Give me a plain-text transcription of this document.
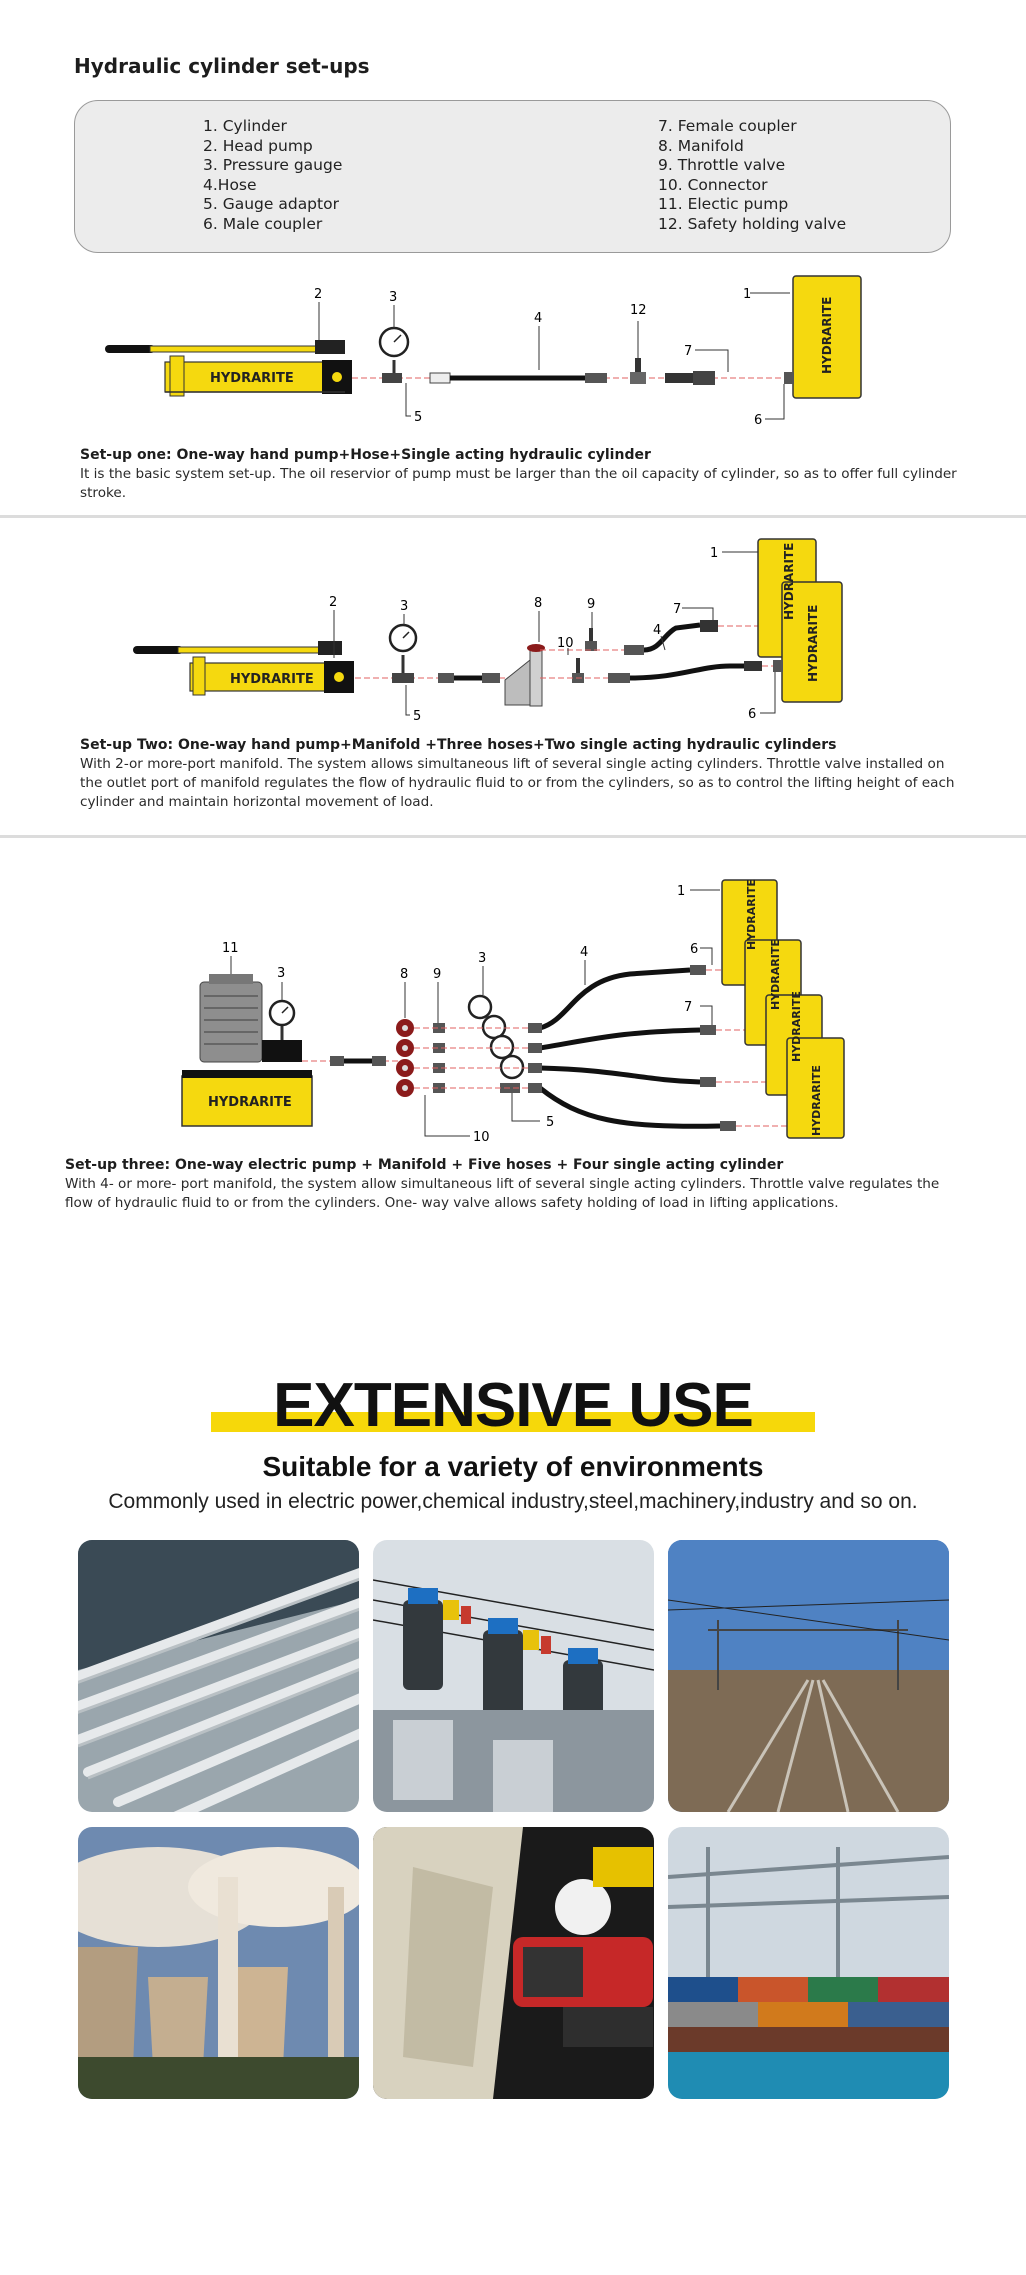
Hydraulic cylinder set-ups
1. Cylinder
2. Head pump
3. Pressure gauge
4.Hose
5. Gauge adaptor
6. Male coupler
7. Female coupler
8. Manifold
9. Throttle valve
10. Connector
11. Electic pump
12. Safety holding valve
HYDRARITE
HYDRARITE
2	3
4
12
1
7
5	6
Set-up one: One-way hand pump+Hose+Single acting hydraulic cylinder
It is the basic system set-up. The oil reservior of pump must be larger than the oil capacity of cylinder, so as to offer full cylinder stroke.
HYDRARITE
HYDRARITE
HYDRARITE
2	3	8	9
10
4
7
1
5	6
Set-up Two: One-way hand pump+Manifold +Three hoses+Two single acting hydraulic cylinders
With 2-or more-port manifold. The system allows simultaneous lift of several single acting cylinders. Throttle valve installed on the outlet port of manifold regulates the flow of hydraulic fluid to or from the cylinders, so as to control the lifting height of each cylinder and maintain horizontal movement of load.
HYDRARITE
HYDRARITE
HYDRARITE
HYDRARITE
HYDRARITE
11
3	8 9
3	4
1
6
7
10
5
Set-up three: One-way electric pump + Manifold + Five hoses + Four single acting cylinder
With 4- or more- port manifold, the system allow simultaneous lift of several single acting cylinders. Throttle valve regulates the flow of hydraulic fluid to or from the cylinders. One- way valve allows safety holding of load in lifting applications.
EXTENSIVE USE
Suitable for a variety of environments
Commonly used in electric power,chemical industry,steel,machinery,industry and so on.
